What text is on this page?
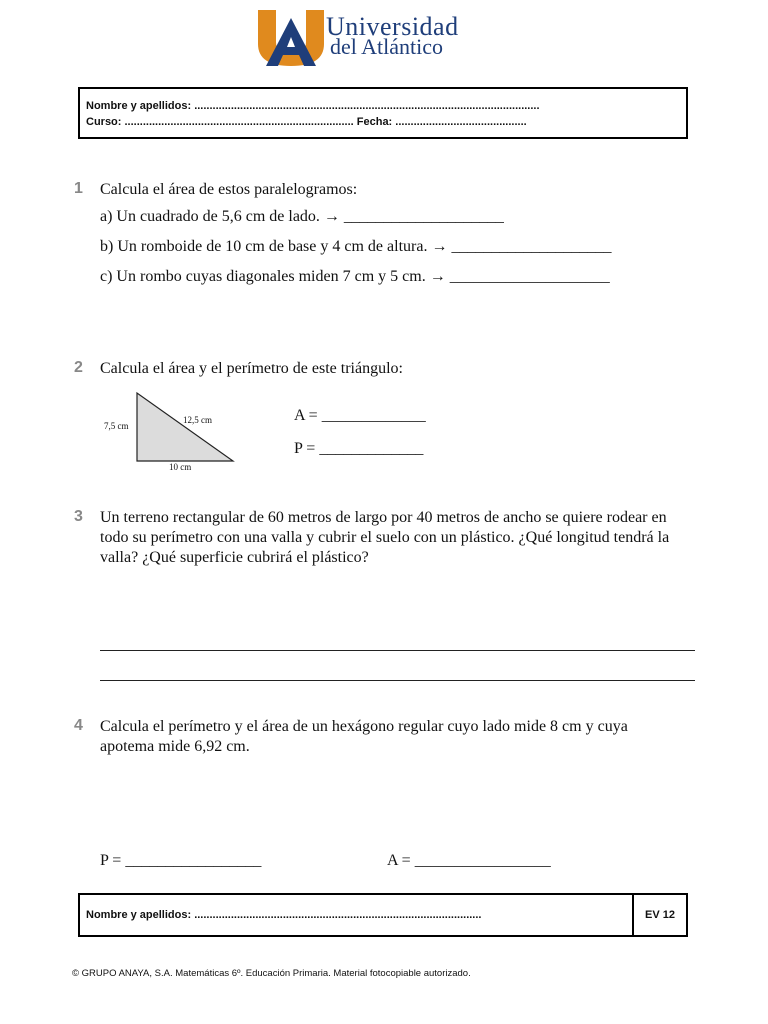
Universidad
del Atlántico
Nombre y apellidos: .................................................................................................................
Curso: ........................................................................... Fecha: ...........................................
1 Calcula el área de estos paralelogramos:
a) Un cuadrado de 5,6 cm de lado. → ____________________
b) Un romboide de 10 cm de base y 4 cm de altura. → ____________________
c) Un rombo cuyas diagonales miden 7 cm y 5 cm. → ____________________
2 Calcula el área y el perímetro de este triángulo:
7,5 cm
12,5 cm
10 cm
A = _____________
P = _____________
3 Un terreno rectangular de 60 metros de largo por 40 metros de ancho se quiere rodear en todo su perímetro con una valla y cubrir el suelo con un plástico. ¿Qué longitud tendrá la valla? ¿Qué superficie cubrirá el plástico?
4 Calcula el perímetro y el área de un hexágono regular cuyo lado mide 8 cm y cuya apotema mide 6,92 cm.
P = _________________	A = _________________
Nombre y apellidos: ..............................................................................................	EV 12
© GRUPO ANAYA, S.A. Matemáticas 6º. Educación Primaria. Material fotocopiable autorizado.
